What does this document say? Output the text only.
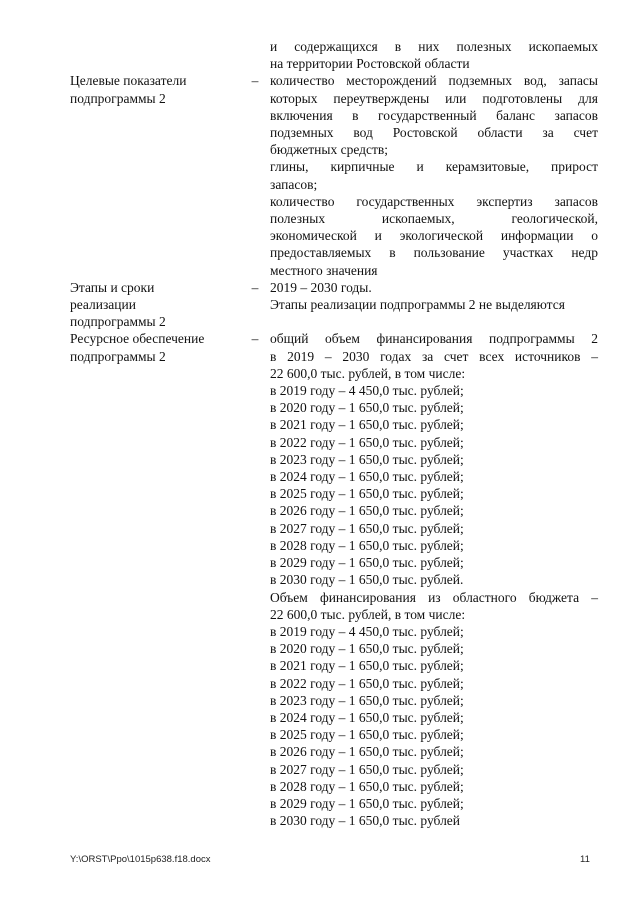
и содержащихся в них полезных ископаемых
на территории Ростовской области
Целевые показатели
подпрограммы 2
– количество месторождений подземных вод, запасы
которых переутверждены или подготовлены для
включения в государственный баланс запасов
подземных вод Ростовской области за счет
бюджетных средств;
глины, кирпичные и керамзитовые, прирост
запасов;
количество государственных экспертиз запасов
полезных ископаемых, геологической,
экономической и экологической информации о
предоставляемых в пользование участках недр
местного значения
Этапы и сроки
реализации
подпрограммы 2
– 2019 – 2030 годы.
Этапы реализации подпрограммы 2 не выделяются
Ресурсное обеспечение
подпрограммы 2
– общий объем финансирования подпрограммы 2
в 2019 – 2030 годах за счет всех источников –
22 600,0 тыс. рублей, в том числе:
в 2019 году – 4 450,0 тыс. рублей;
в 2020 году – 1 650,0 тыс. рублей;
в 2021 году – 1 650,0 тыс. рублей;
в 2022 году – 1 650,0 тыс. рублей;
в 2023 году – 1 650,0 тыс. рублей;
в 2024 году – 1 650,0 тыс. рублей;
в 2025 году – 1 650,0 тыс. рублей;
в 2026 году – 1 650,0 тыс. рублей;
в 2027 году – 1 650,0 тыс. рублей;
в 2028 году – 1 650,0 тыс. рублей;
в 2029 году – 1 650,0 тыс. рублей;
в 2030 году – 1 650,0 тыс. рублей.
Объем финансирования из областного бюджета –
22 600,0 тыс. рублей, в том числе:
в 2019 году – 4 450,0 тыс. рублей;
в 2020 году – 1 650,0 тыс. рублей;
в 2021 году – 1 650,0 тыс. рублей;
в 2022 году – 1 650,0 тыс. рублей;
в 2023 году – 1 650,0 тыс. рублей;
в 2024 году – 1 650,0 тыс. рублей;
в 2025 году – 1 650,0 тыс. рублей;
в 2026 году – 1 650,0 тыс. рублей;
в 2027 году – 1 650,0 тыс. рублей;
в 2028 году – 1 650,0 тыс. рублей;
в 2029 году – 1 650,0 тыс. рублей;
в 2030 году – 1 650,0 тыс. рублей
Y:\ORST\Ppo\1015p638.f18.docx	11
